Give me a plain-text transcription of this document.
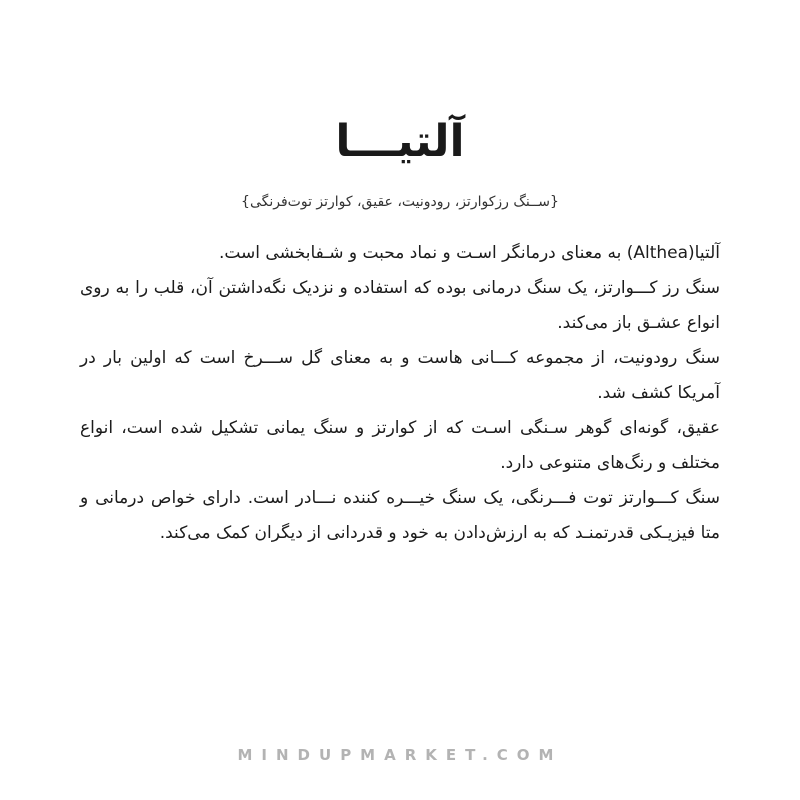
آلتیـــا

{ســنگ رزکوارتز، رودونیت، عقیق، کوارتز توت‌فرنگی}

آلتیا(Althea) به معنای درمانگر اسـت و نماد محبت و شـفابخشی است.

سنگ رز کـــوارتز، یک سنگ درمانی بوده که استفاده و نزدیک نگه‌داشتن آن، قلب را به روی انواع عشـق باز می‌کند.

سنگ رودونیت، از مجموعه کـــانی هاست و به معنای گل ســـرخ است که اولین بار در آمریکا کشف شد.

عقیق، گونه‌ای گوهر سـنگی اسـت که از کوارتز و سنگ یمانی تشکیل شده است، انواع مختلف و رنگ‌های متنوعی دارد.

سنگ کـــوارتز توت فـــرنگی، یک سنگ خیـــره کننده نـــادر است. دارای خواص درمانی و متا فیزیـکی قدرتمنـد که به ارزش‌دادن به خود و قدردانی از دیگران کمک می‌کند.

MINDUPMARKET.COM
